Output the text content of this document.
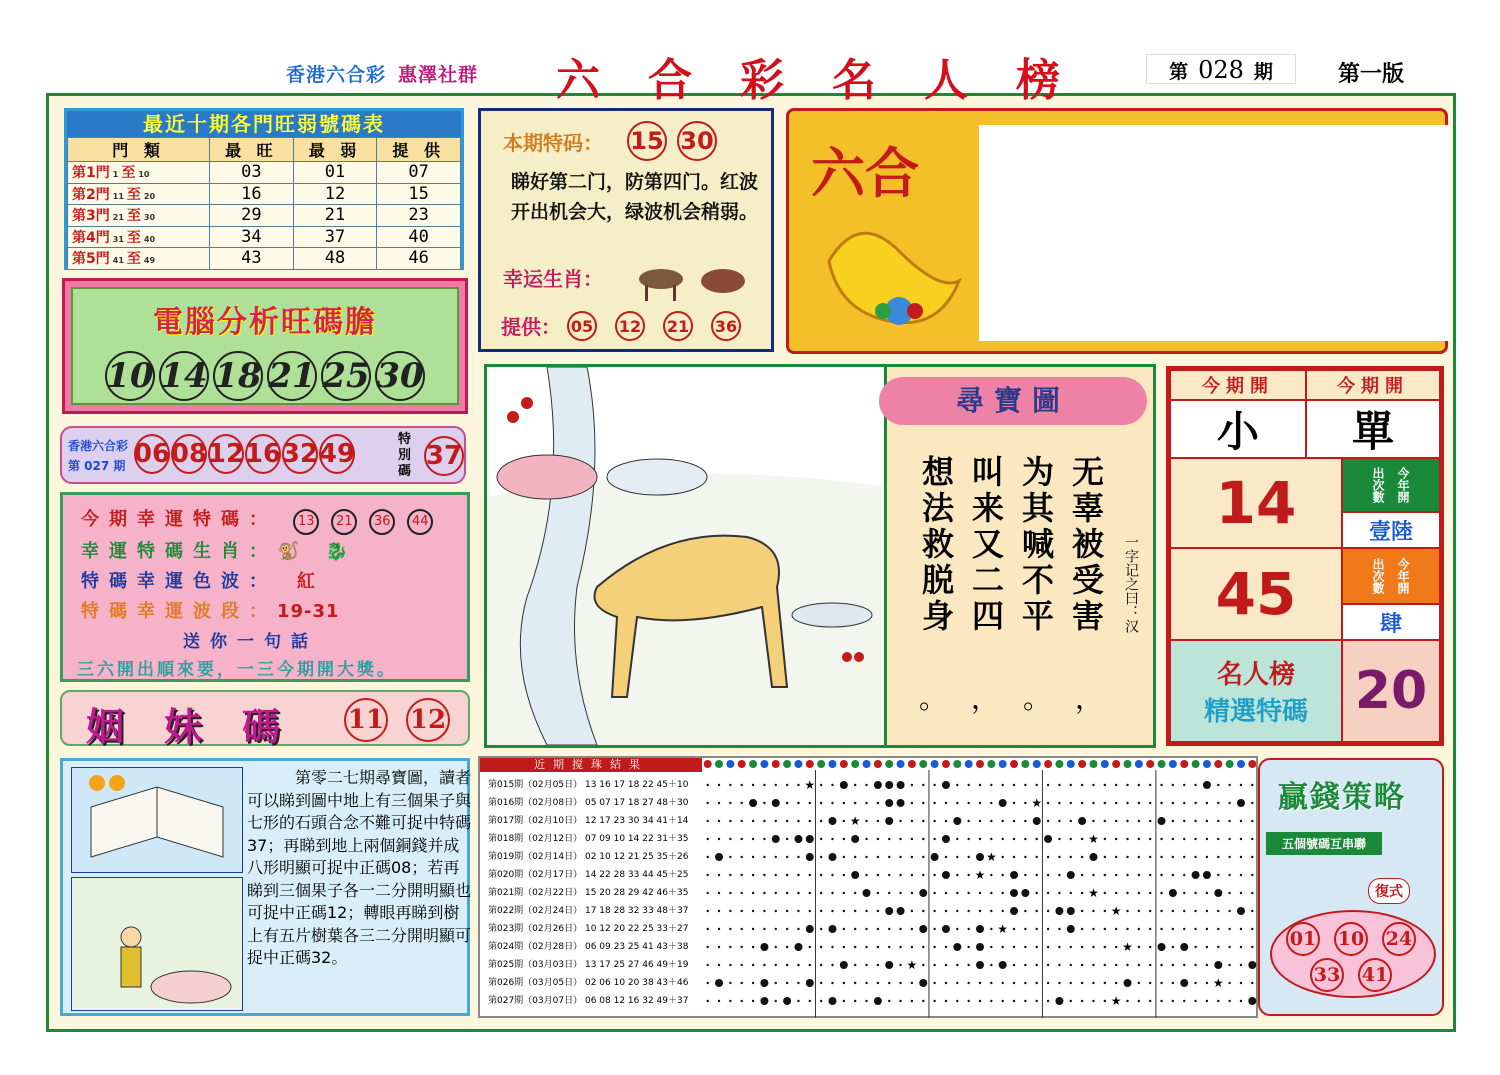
香港六合彩 惠澤社群 六合彩名人榜	第 028 期	第一版
最近十期各門旺弱號碼表
門 類	最 旺	最 弱	提 供
第1門 1 至 10	03	01	07
第2門 11 至 20	16	12	15
第3門 21 至 30	29	21	23
第4門 31 至 40	34	37	40
第5門 41 至 49	43	48	46
電腦分析旺碼膽
10 14 18 21 25 30
香港六合彩
第 027 期 06 08 12 16 32 49	特別碼
37
今期幸運特碼： 13 21 36 44
幸運特碼生肖：🐒 🐉
特碼幸運色波： 紅
特碼幸運波段：19-31
送你一句話
三六開出順來要，一三今期開大獎。
姻妹碼 11 12
第零二七期尋寶圖，讀者可以睇到圖中地上有三個果子與七形的石頭合念不難可捉中特碼37；再睇到地上兩個銅錢并成八形明顯可捉中正碼08；若再睇到三個果子各一二分開明顯也可捉中正碼12；轉眼再睇到樹上有五片樹葉各三二分開明顯可捉中正碼32。
本期特码： 15 30
睇好第二门，防第四门。红波开出机会大，绿波机会稍弱。
幸运生肖：
提供： 05 12 21 36
六合
尋寶圖
无辜被受害
为其喊不平
叫来又二四
想法救脱身
。，。，
一字记之曰：汉
今期開	今期開
小	單
14	出次數 今年開
壹陸
45	出次數 今年開
肆
名人榜
精選特碼 20
近期搅珠結果
第015期（02月05日） 13 16 17 18 22 45＋10
第016期（02月08日） 05 07 17 18 27 48＋30
第017期（02月10日） 12 17 23 30 34 41＋14
第018期（02月12日） 07 09 10 14 22 31＋35
第019期（02月14日） 02 10 12 21 25 35＋26
第020期（02月17日） 14 22 28 33 44 45＋25
第021期（02月22日） 15 20 28 29 42 46＋35
第022期（02月24日） 17 18 28 32 33 48＋37
第023期（02月26日） 10 12 20 22 25 33＋27
第024期（02月28日） 06 09 23 25 41 43＋38
第025期（03月03日） 13 17 25 27 46 49＋19
第026期（03月05日） 02 06 10 20 38 43＋46
第027期（03月07日） 06 08 12 16 32 49＋37
★
★
★
★
★
★
★
★
★
★
★
★
★
贏錢策略
五個號碼互串聯
復式
01 10 24
33 41
